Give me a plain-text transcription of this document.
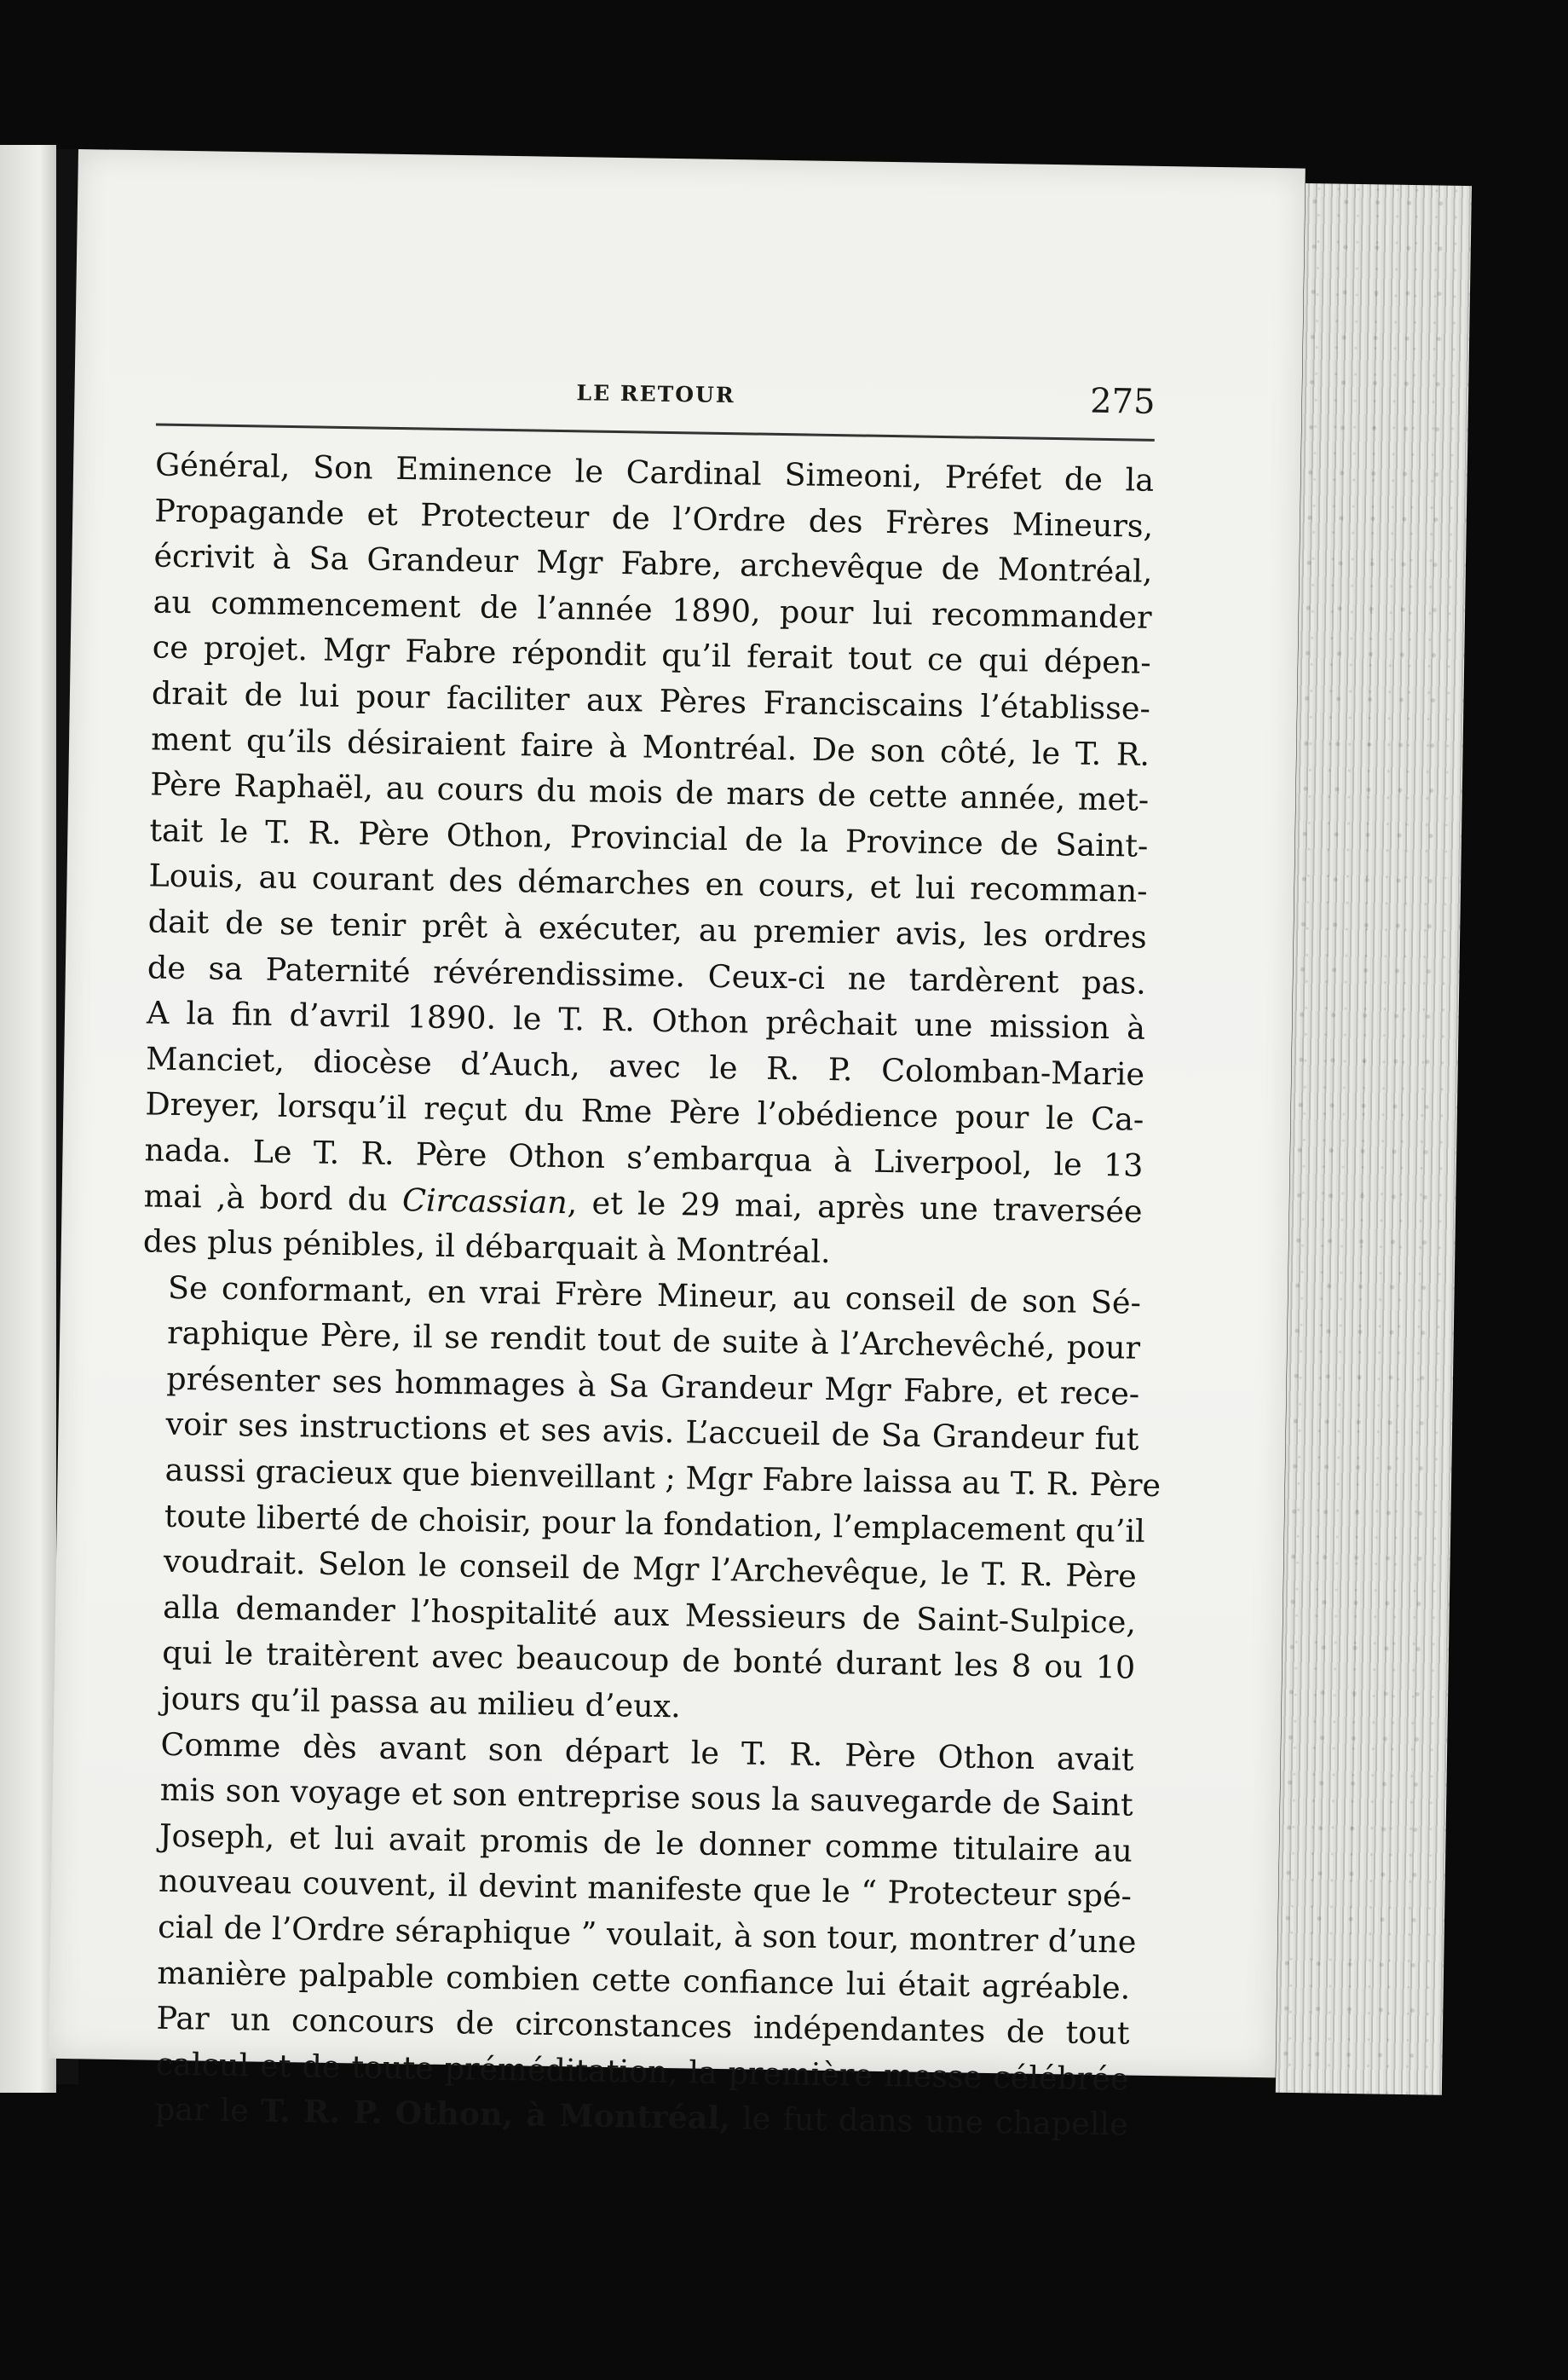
LE RETOUR	275

Général, Son Eminence le Cardinal Simeoni, Préfet de la
Propagande et Protecteur de l’Ordre des Frères Mineurs,
écrivit à Sa Grandeur Mgr Fabre, archevêque de Montréal,
au commencement de l’année 1890, pour lui recommander
ce projet. Mgr Fabre répondit qu’il ferait tout ce qui dépen-
drait de lui pour faciliter aux Pères Franciscains l’établisse-
ment qu’ils désiraient faire à Montréal. De son côté, le T. R.
Père Raphaël, au cours du mois de mars de cette année, met-
tait le T. R. Père Othon, Provincial de la Province de Saint-
Louis, au courant des démarches en cours, et lui recomman-
dait de se tenir prêt à exécuter, au premier avis, les ordres
de sa Paternité révérendissime. Ceux-ci ne tardèrent pas.
A la fin d’avril 1890. le T. R. Othon prêchait une mission à
Manciet, diocèse d’Auch, avec le R. P. Colomban-Marie
Dreyer, lorsqu’il reçut du Rme Père l’obédience pour le Ca-
nada. Le T. R. Père Othon s’embarqua à Liverpool, le 13
mai ,à bord du Circassian, et le 29 mai, après une traversée
des plus pénibles, il débarquait à Montréal.

Se conformant, en vrai Frère Mineur, au conseil de son Sé-
raphique Père, il se rendit tout de suite à l’Archevêché, pour
présenter ses hommages à Sa Grandeur Mgr Fabre, et rece-
voir ses instructions et ses avis. L’accueil de Sa Grandeur fut
aussi gracieux que bienveillant ; Mgr Fabre laissa au T. R. Père
toute liberté de choisir, pour la fondation, l’emplacement qu’il
voudrait. Selon le conseil de Mgr l’Archevêque, le T. R. Père
alla demander l’hospitalité aux Messieurs de Saint-Sulpice,
qui le traitèrent avec beaucoup de bonté durant les 8 ou 10
jours qu’il passa au milieu d’eux.

Comme dès avant son départ le T. R. Père Othon avait
mis son voyage et son entreprise sous la sauvegarde de Saint
Joseph, et lui avait promis de le donner comme titulaire au
nouveau couvent, il devint manifeste que le “ Protecteur spé-
cial de l’Ordre séraphique ” voulait, à son tour, montrer d’une
manière palpable combien cette confiance lui était agréable.

Par un concours de circonstances indépendantes de tout
calcul et de toute préméditation, la première messe célébrée
par le T. R. P. Othon, à Montréal, le fut dans une chapelle
